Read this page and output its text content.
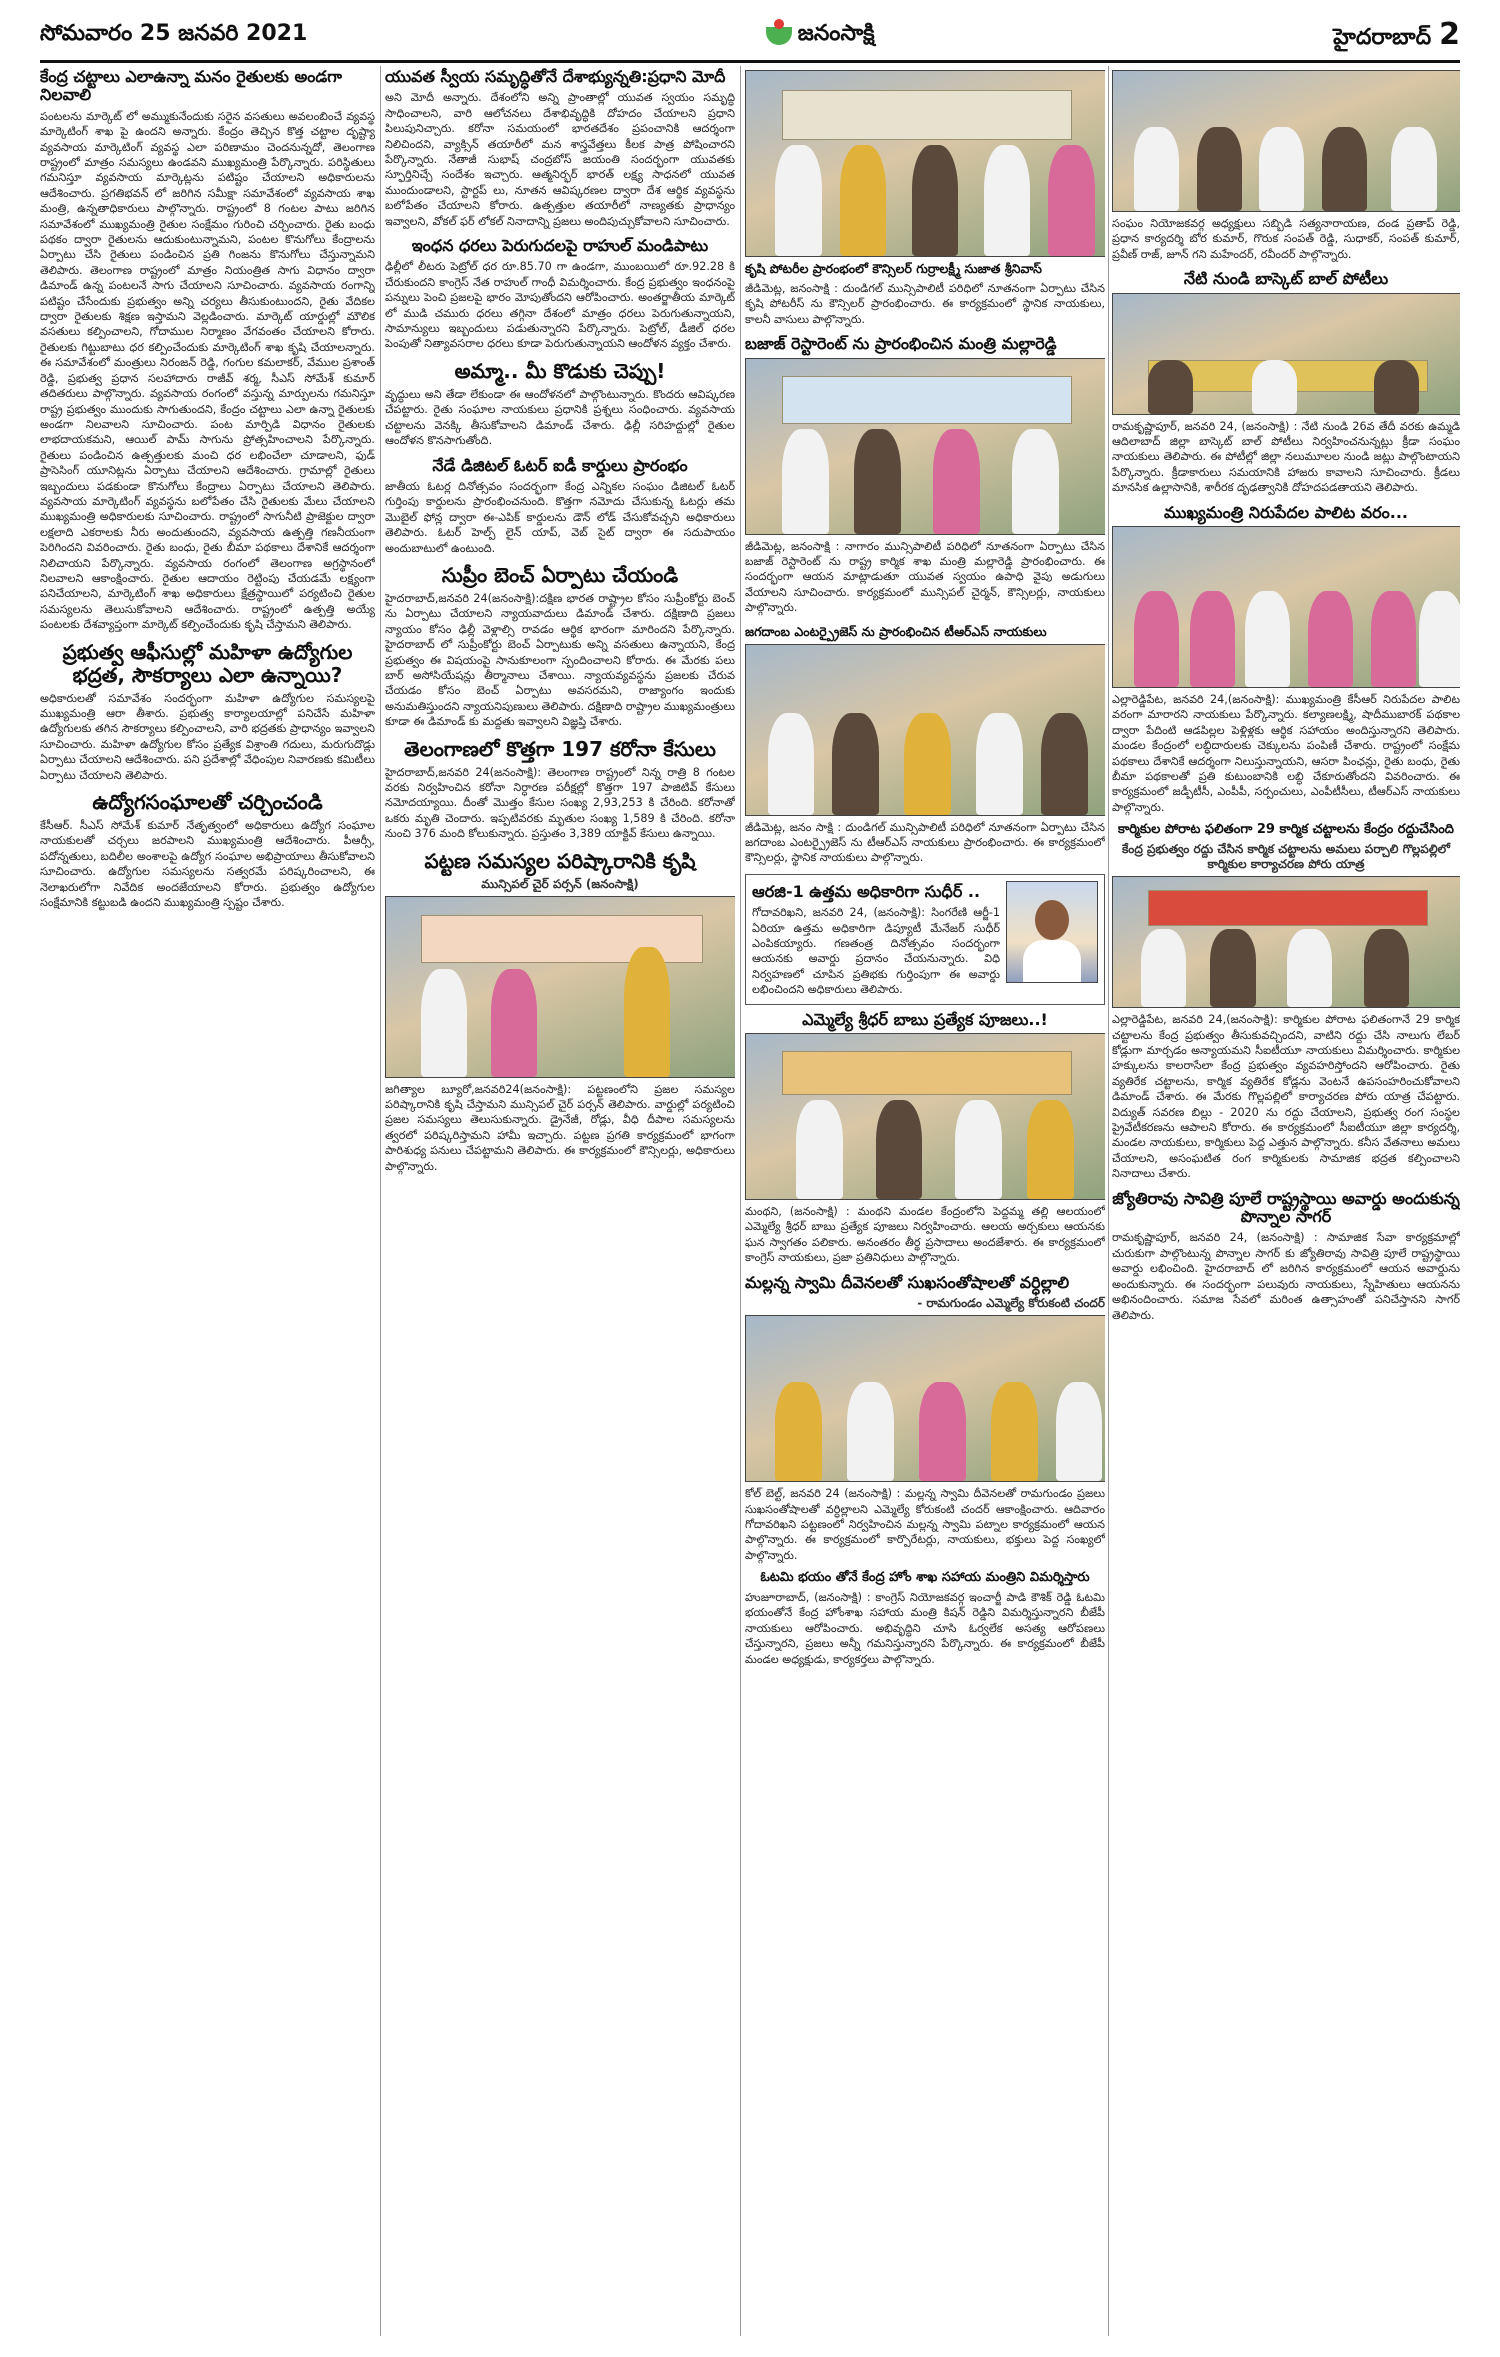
సోమవారం 25 జనవరి 2021	జనంసాక్షి	హైదరాబాద్ 2
కేంద్ర చట్టాలు ఎలాఉన్నా మనం రైతులకు అండగా నిలవాలి

పంటలను మార్కెట్ లో అమ్ముకునేందుకు సరైన వసతులు అవలంబించే వ్యవస్థ మార్కెటింగ్ శాఖ పై ఉందని అన్నారు. కేంద్రం తెచ్చిన కొత్త చట్టాల దృష్ట్యా వ్యవసాయ మార్కెటింగ్ వ్యవస్థ ఎలా పరిణామం చెందనున్నదో, తెలంగాణ రాష్ట్రంలో మాత్రం సమస్యలు ఉండవని ముఖ్యమంత్రి పేర్కొన్నారు. పరిస్థితులు గమనిస్తూ వ్యవసాయ మార్కెట్లను పటిష్టం చేయాలని అధికారులను ఆదేశించారు. ప్రగతిభవన్ లో జరిగిన సమీక్షా సమావేశంలో వ్యవసాయ శాఖ మంత్రి, ఉన్నతాధికారులు పాల్గొన్నారు. రాష్ట్రంలో 8 గంటల పాటు జరిగిన సమావేశంలో ముఖ్యమంత్రి రైతుల సంక్షేమం గురించి చర్చించారు. రైతు బంధు పథకం ద్వారా రైతులను ఆదుకుంటున్నామని, పంటల కొనుగోలు కేంద్రాలను ఏర్పాటు చేసి రైతులు పండించిన ప్రతి గింజను కొనుగోలు చేస్తున్నామని తెలిపారు. తెలంగాణ రాష్ట్రంలో మాత్రం నియంత్రిత సాగు విధానం ద్వారా డిమాండ్ ఉన్న పంటలనే సాగు చేయాలని సూచించారు. వ్యవసాయ రంగాన్ని పటిష్టం చేసేందుకు ప్రభుత్వం అన్ని చర్యలు తీసుకుంటుందని, రైతు వేదికల ద్వారా రైతులకు శిక్షణ ఇస్తామని వెల్లడించారు. మార్కెట్ యార్డుల్లో మౌలిక వసతులు కల్పించాలని, గోదాముల నిర్మాణం వేగవంతం చేయాలని కోరారు. రైతులకు గిట్టుబాటు ధర కల్పించేందుకు మార్కెటింగ్ శాఖ కృషి చేయాలన్నారు. ఈ సమావేశంలో మంత్రులు నిరంజన్ రెడ్డి, గంగుల కమలాకర్, వేముల ప్రశాంత్ రెడ్డి, ప్రభుత్వ ప్రధాన సలహాదారు రాజీవ్ శర్మ, సీఎస్ సోమేశ్ కుమార్ తదితరులు పాల్గొన్నారు. వ్యవసాయ రంగంలో వస్తున్న మార్పులను గమనిస్తూ రాష్ట్ర ప్రభుత్వం ముందుకు సాగుతుందని, కేంద్రం చట్టాలు ఎలా ఉన్నా రైతులకు అండగా నిలవాలని సూచించారు. పంట మార్పిడి విధానం రైతులకు లాభదాయకమని, ఆయిల్ పామ్ సాగును ప్రోత్సహించాలని పేర్కొన్నారు. రైతులు పండించిన ఉత్పత్తులకు మంచి ధర లభించేలా చూడాలని, ఫుడ్ ప్రాసెసింగ్ యూనిట్లను ఏర్పాటు చేయాలని ఆదేశించారు. గ్రామాల్లో రైతులు ఇబ్బందులు పడకుండా కొనుగోలు కేంద్రాలు ఏర్పాటు చేయాలని తెలిపారు. వ్యవసాయ మార్కెటింగ్ వ్యవస్థను బలోపేతం చేసి రైతులకు మేలు చేయాలని ముఖ్యమంత్రి అధికారులకు సూచించారు. రాష్ట్రంలో సాగునీటి ప్రాజెక్టుల ద్వారా లక్షలాది ఎకరాలకు నీరు అందుతుందని, వ్యవసాయ ఉత్పత్తి గణనీయంగా పెరిగిందని వివరించారు. రైతు బంధు, రైతు బీమా పథకాలు దేశానికే ఆదర్శంగా నిలిచాయని పేర్కొన్నారు. వ్యవసాయ రంగంలో తెలంగాణ అగ్రస్థానంలో నిలవాలని ఆకాంక్షించారు. రైతుల ఆదాయం రెట్టింపు చేయడమే లక్ష్యంగా పనిచేయాలని, మార్కెటింగ్ శాఖ అధికారులు క్షేత్రస్థాయిలో పర్యటించి రైతుల సమస్యలను తెలుసుకోవాలని ఆదేశించారు. రాష్ట్రంలో ఉత్పత్తి అయ్యే పంటలకు దేశవ్యాప్తంగా మార్కెట్ కల్పించేందుకు కృషి చేస్తామని తెలిపారు.

ప్రభుత్వ ఆఫీసుల్లో మహిళా ఉద్యోగుల భద్రత, సౌకర్యాలు ఎలా ఉన్నాయి?

అధికారులతో సమావేశం సందర్భంగా మహిళా ఉద్యోగుల సమస్యలపై ముఖ్యమంత్రి ఆరా తీశారు. ప్రభుత్వ కార్యాలయాల్లో పనిచేసే మహిళా ఉద్యోగులకు తగిన సౌకర్యాలు కల్పించాలని, వారి భద్రతకు ప్రాధాన్యం ఇవ్వాలని సూచించారు. మహిళా ఉద్యోగుల కోసం ప్రత్యేక విశ్రాంతి గదులు, మరుగుదొడ్లు ఏర్పాటు చేయాలని ఆదేశించారు. పని ప్రదేశాల్లో వేధింపుల నివారణకు కమిటీలు ఏర్పాటు చేయాలని తెలిపారు.

ఉద్యోగసంఘాలతో చర్చించండి

కేసీఆర్. సీఎస్ సోమేశ్ కుమార్ నేతృత్వంలో అధికారులు ఉద్యోగ సంఘాల నాయకులతో చర్చలు జరపాలని ముఖ్యమంత్రి ఆదేశించారు. పీఆర్సీ, పదోన్నతులు, బదిలీల అంశాలపై ఉద్యోగ సంఘాల అభిప్రాయాలు తీసుకోవాలని సూచించారు. ఉద్యోగుల సమస్యలను సత్వరమే పరిష్కరించాలని, ఈ నెలాఖరులోగా నివేదిక అందజేయాలని కోరారు. ప్రభుత్వం ఉద్యోగుల సంక్షేమానికి కట్టుబడి ఉందని ముఖ్యమంత్రి స్పష్టం చేశారు.

యువత స్వీయ సమృద్ధితోనే దేశాభ్యున్నతి:ప్రధాని మోదీ

అని మోదీ అన్నారు. దేశంలోని అన్ని ప్రాంతాల్లో యువత స్వయం సమృద్ధి సాధించాలని, వారి ఆలోచనలు దేశాభివృద్ధికి దోహదం చేయాలని ప్రధాని పిలుపునిచ్చారు. కరోనా సమయంలో భారతదేశం ప్రపంచానికి ఆదర్శంగా నిలిచిందని, వ్యాక్సిన్ తయారీలో మన శాస్త్రవేత్తలు కీలక పాత్ర పోషించారని పేర్కొన్నారు. నేతాజీ సుభాష్ చంద్రబోస్ జయంతి సందర్భంగా యువతకు స్ఫూర్తినిచ్చే సందేశం ఇచ్చారు. ఆత్మనిర్భర్ భారత్ లక్ష్య సాధనలో యువత ముందుండాలని, స్టార్టప్ లు, నూతన ఆవిష్కరణల ద్వారా దేశ ఆర్థిక వ్యవస్థను బలోపేతం చేయాలని కోరారు. ఉత్పత్తుల తయారీలో నాణ్యతకు ప్రాధాన్యం ఇవ్వాలని, వోకల్ ఫర్ లోకల్ నినాదాన్ని ప్రజలు అందిపుచ్చుకోవాలని సూచించారు.

ఇంధన ధరలు పెరుగుదలపై రాహుల్ మండిపాటు

ఢిల్లీలో లీటరు పెట్రోల్ ధర రూ.85.70 గా ఉండగా, ముంబయిలో రూ.92.28 కి చేరుకుందని కాంగ్రెస్ నేత రాహుల్ గాంధీ విమర్శించారు. కేంద్ర ప్రభుత్వం ఇంధనంపై పన్నులు పెంచి ప్రజలపై భారం మోపుతోందని ఆరోపించారు. అంతర్జాతీయ మార్కెట్ లో ముడి చమురు ధరలు తగ్గినా దేశంలో మాత్రం ధరలు పెరుగుతున్నాయని, సామాన్యులు ఇబ్బందులు పడుతున్నారని పేర్కొన్నారు. పెట్రోల్, డీజిల్ ధరల పెంపుతో నిత్యావసరాల ధరలు కూడా పెరుగుతున్నాయని ఆందోళన వ్యక్తం చేశారు.

అమ్మా.. మీ కొడుకు చెప్పు!

వృద్ధులు అని తేడా లేకుండా ఈ ఆందోళనలో పాల్గొంటున్నారు. కొందరు ఆవిష్కరణ చేపట్టారు. రైతు సంఘాల నాయకులు ప్రధానికి ప్రశ్నలు సంధించారు. వ్యవసాయ చట్టాలను వెనక్కి తీసుకోవాలని డిమాండ్ చేశారు. ఢిల్లీ సరిహద్దుల్లో రైతుల ఆందోళన కొనసాగుతోంది.

నేడే డిజిటల్ ఓటర్ ఐడీ కార్డులు ప్రారంభం

జాతీయ ఓటర్ల దినోత్సవం సందర్భంగా కేంద్ర ఎన్నికల సంఘం డిజిటల్ ఓటర్ గుర్తింపు కార్డులను ప్రారంభించనుంది. కొత్తగా నమోదు చేసుకున్న ఓటర్లు తమ మొబైల్ ఫోన్ల ద్వారా ఈ-ఎపిక్ కార్డులను డౌన్ లోడ్ చేసుకోవచ్చని అధికారులు తెలిపారు. ఓటర్ హెల్ప్ లైన్ యాప్, వెబ్ సైట్ ద్వారా ఈ సదుపాయం అందుబాటులో ఉంటుంది.

సుప్రీం బెంచ్ ఏర్పాటు చేయండి

హైదరాబాద్,జనవరి 24(జనంసాక్షి):దక్షిణ భారత రాష్ట్రాల కోసం సుప్రీంకోర్టు బెంచ్ ను ఏర్పాటు చేయాలని న్యాయవాదులు డిమాండ్ చేశారు. దక్షిణాది ప్రజలు న్యాయం కోసం ఢిల్లీ వెళ్లాల్సి రావడం ఆర్థిక భారంగా మారిందని పేర్కొన్నారు. హైదరాబాద్ లో సుప్రీంకోర్టు బెంచ్ ఏర్పాటుకు అన్ని వసతులు ఉన్నాయని, కేంద్ర ప్రభుత్వం ఈ విషయంపై సానుకూలంగా స్పందించాలని కోరారు. ఈ మేరకు పలు బార్ అసోసియేషన్లు తీర్మానాలు చేశాయి. న్యాయవ్యవస్థను ప్రజలకు చేరువ చేయడం కోసం బెంచ్ ఏర్పాటు అవసరమని, రాజ్యాంగం ఇందుకు అనుమతిస్తుందని న్యాయనిపుణులు తెలిపారు. దక్షిణాది రాష్ట్రాల ముఖ్యమంత్రులు కూడా ఈ డిమాండ్ కు మద్దతు ఇవ్వాలని విజ్ఞప్తి చేశారు.

తెలంగాణలో కొత్తగా 197 కరోనా కేసులు

హైదరాబాద్,జనవరి 24(జనంసాక్షి): తెలంగాణ రాష్ట్రంలో నిన్న రాత్రి 8 గంటల వరకు నిర్వహించిన కరోనా నిర్ధారణ పరీక్షల్లో కొత్తగా 197 పాజిటివ్ కేసులు నమోదయ్యాయి. దీంతో మొత్తం కేసుల సంఖ్య 2,93,253 కి చేరింది. కరోనాతో ఒకరు మృతి చెందారు. ఇప్పటివరకు మృతుల సంఖ్య 1,589 కి చేరింది. కరోనా నుంచి 376 మంది కోలుకున్నారు. ప్రస్తుతం 3,389 యాక్టివ్ కేసులు ఉన్నాయి.

పట్టణ సమస్యల పరిష్కారానికి కృషి
మున్సిపల్ చైర్ పర్సన్ (జనంసాక్షి)

జగిత్యాల బ్యూరో,జనవరి24(జనంసాక్షి): పట్టణంలోని ప్రజల సమస్యల పరిష్కారానికి కృషి చేస్తామని మున్సిపల్ చైర్ పర్సన్ తెలిపారు. వార్డుల్లో పర్యటించి ప్రజల సమస్యలు తెలుసుకున్నారు. డ్రైనేజీ, రోడ్లు, వీధి దీపాల సమస్యలను త్వరలో పరిష్కరిస్తామని హామీ ఇచ్చారు. పట్టణ ప్రగతి కార్యక్రమంలో భాగంగా పారిశుధ్య పనులు చేపట్టామని తెలిపారు. ఈ కార్యక్రమంలో కౌన్సిలర్లు, అధికారులు పాల్గొన్నారు.

కృషి పోటరీల ప్రారంభంలో కౌన్సిలర్ గుర్రాలక్ష్మీ సుజాత శ్రీనివాస్

జీడిమెట్ల, జనంసాక్షి : దుండిగల్ మున్సిపాలిటీ పరిధిలో నూతనంగా ఏర్పాటు చేసిన కృషి పోటరీస్ ను కౌన్సిలర్ ప్రారంభించారు. ఈ కార్యక్రమంలో స్థానిక నాయకులు, కాలనీ వాసులు పాల్గొన్నారు.

బజాజ్ రెస్టారెంట్ ను ప్రారంభించిన మంత్రి మల్లారెడ్డి

జీడిమెట్ల, జనంసాక్షి : నాగారం మున్సిపాలిటీ పరిధిలో నూతనంగా ఏర్పాటు చేసిన బజాజ్ రెస్టారెంట్ ను రాష్ట్ర కార్మిక శాఖ మంత్రి మల్లారెడ్డి ప్రారంభించారు. ఈ సందర్భంగా ఆయన మాట్లాడుతూ యువత స్వయం ఉపాధి వైపు అడుగులు వేయాలని సూచించారు. కార్యక్రమంలో మున్సిపల్ చైర్మన్, కౌన్సిలర్లు, నాయకులు పాల్గొన్నారు.

జగదాంబ ఎంటర్ప్రైజెస్ ను ప్రారంభించిన టీఆర్ఎస్ నాయకులు

జీడిమెట్ల, జనం సాక్షి : దుండిగల్ మున్సిపాలిటీ పరిధిలో నూతనంగా ఏర్పాటు చేసిన జగదాంబ ఎంటర్ప్రైజెస్ ను టీఆర్ఎస్ నాయకులు ప్రారంభించారు. ఈ కార్యక్రమంలో కౌన్సిలర్లు, స్థానిక నాయకులు పాల్గొన్నారు.

ఆరజి-1 ఉత్తమ అధికారిగా సుధీర్ ..

గోదావరిఖని, జనవరి 24, (జనంసాక్షి): సింగరేణి ఆర్జీ-1 ఏరియా ఉత్తమ అధికారిగా డిప్యూటీ మేనేజర్ సుధీర్ ఎంపికయ్యారు. గణతంత్ర దినోత్సవం సందర్భంగా ఆయనకు అవార్డు ప్రదానం చేయనున్నారు. విధి నిర్వహణలో చూపిన ప్రతిభకు గుర్తింపుగా ఈ అవార్డు లభించిందని అధికారులు తెలిపారు.

ఎమ్మెల్యే శ్రీధర్ బాబు ప్రత్యేక పూజలు..!

మంథని, (జనంసాక్షి) : మంథని మండల కేంద్రంలోని పెద్దమ్మ తల్లి ఆలయంలో ఎమ్మెల్యే శ్రీధర్ బాబు ప్రత్యేక పూజలు నిర్వహించారు. ఆలయ అర్చకులు ఆయనకు ఘన స్వాగతం పలికారు. అనంతరం తీర్థ ప్రసాదాలు అందజేశారు. ఈ కార్యక్రమంలో కాంగ్రెస్ నాయకులు, ప్రజా ప్రతినిధులు పాల్గొన్నారు.

మల్లన్న స్వామి దీవెనలతో సుఖసంతోషాలతో వర్ధిల్లాలి
- రామగుండం ఎమ్మెల్యే కోరుకంటి చందర్

కోల్ బెల్ట్, జనవరి 24 (జనంసాక్షి) : మల్లన్న స్వామి దీవెనలతో రామగుండం ప్రజలు సుఖసంతోషాలతో వర్ధిల్లాలని ఎమ్మెల్యే కోరుకంటి చందర్ ఆకాంక్షించారు. ఆదివారం గోదావరిఖని పట్టణంలో నిర్వహించిన మల్లన్న స్వామి పట్నాల కార్యక్రమంలో ఆయన పాల్గొన్నారు. ఈ కార్యక్రమంలో కార్పొరేటర్లు, నాయకులు, భక్తులు పెద్ద సంఖ్యలో పాల్గొన్నారు.

ఓటమి భయం తోనే కేంద్ర హోం శాఖ సహాయ మంత్రిని విమర్శిస్తారు

హుజూరాబాద్, (జనంసాక్షి) : కాంగ్రెస్ నియోజకవర్గ ఇంచార్జీ పాడి కౌశిక్ రెడ్డి ఓటమి భయంతోనే కేంద్ర హోంశాఖ సహాయ మంత్రి కిషన్ రెడ్డిని విమర్శిస్తున్నారని బీజేపీ నాయకులు ఆరోపించారు. అభివృద్ధిని చూసి ఓర్వలేక అసత్య ఆరోపణలు చేస్తున్నారని, ప్రజలు అన్నీ గమనిస్తున్నారని పేర్కొన్నారు. ఈ కార్యక్రమంలో బీజేపీ మండల అధ్యక్షుడు, కార్యకర్తలు పాల్గొన్నారు.

సంఘం నియోజకవర్గ అధ్యక్షులు సబ్బిడి సత్యనారాయణ, దండ ప్రతాప్ రెడ్డి, ప్రధాన కార్యదర్శి బోర కుమార్, గొరుక సంపత్ రెడ్డి, సుధాకర్, సంపత్ కుమార్, ప్రవీణ్ రాజ్, జూన్ గని మహేందర్, రవీందర్ పాల్గొన్నారు.

నేటి నుండి బాస్కెట్ బాల్ పోటీలు

రామకృష్ణాపూర్, జనవరి 24, (జనంసాక్షి) : నేటి నుండి 26వ తేదీ వరకు ఉమ్మడి ఆదిలాబాద్ జిల్లా బాస్కెట్ బాల్ పోటీలు నిర్వహించనున్నట్లు క్రీడా సంఘం నాయకులు తెలిపారు. ఈ పోటీల్లో జిల్లా నలుమూలల నుండి జట్లు పాల్గొంటాయని పేర్కొన్నారు. క్రీడాకారులు సమయానికి హాజరు కావాలని సూచించారు. క్రీడలు మానసిక ఉల్లాసానికి, శారీరక దృఢత్వానికి దోహదపడతాయని తెలిపారు.

ముఖ్యమంత్రి నిరుపేదల పాలిట వరం...

ఎల్లారెడ్డిపేట, జనవరి 24,(జనంసాక్షి): ముఖ్యమంత్రి కేసీఆర్ నిరుపేదల పాలిట వరంగా మారారని నాయకులు పేర్కొన్నారు. కల్యాణలక్ష్మి, షాదీముబారక్ పథకాల ద్వారా పేదింటి ఆడపిల్లల పెళ్లిళ్లకు ఆర్థిక సహాయం అందిస్తున్నారని తెలిపారు. మండల కేంద్రంలో లబ్ధిదారులకు చెక్కులను పంపిణీ చేశారు. రాష్ట్రంలో సంక్షేమ పథకాలు దేశానికే ఆదర్శంగా నిలుస్తున్నాయని, ఆసరా పింఛన్లు, రైతు బంధు, రైతు బీమా పథకాలతో ప్రతి కుటుంబానికి లబ్ధి చేకూరుతోందని వివరించారు. ఈ కార్యక్రమంలో జడ్పీటీసీ, ఎంపీపీ, సర్పంచులు, ఎంపీటీసీలు, టీఆర్ఎస్ నాయకులు పాల్గొన్నారు.

కార్మికుల పోరాట ఫలితంగా 29 కార్మిక చట్టాలను కేంద్రం రద్దుచేసింది
కేంద్ర ప్రభుత్వం రద్దు చేసిన కార్మిక చట్టాలను అమలు పర్చాలి గొల్లపల్లిలో కార్మికుల కార్యాచరణ పోరు యాత్ర

ఎల్లారెడ్డిపేట, జనవరి 24,(జనంసాక్షి): కార్మికుల పోరాట ఫలితంగానే 29 కార్మిక చట్టాలను కేంద్ర ప్రభుత్వం తీసుకువచ్చిందని, వాటిని రద్దు చేసి నాలుగు లేబర్ కోడ్లుగా మార్చడం అన్యాయమని సీఐటీయూ నాయకులు విమర్శించారు. కార్మికుల హక్కులను కాలరాసేలా కేంద్ర ప్రభుత్వం వ్యవహరిస్తోందని ఆరోపించారు. రైతు వ్యతిరేక చట్టాలను, కార్మిక వ్యతిరేక కోడ్లను వెంటనే ఉపసంహరించుకోవాలని డిమాండ్ చేశారు. ఈ మేరకు గొల్లపల్లిలో కార్యాచరణ పోరు యాత్ర చేపట్టారు. విద్యుత్ సవరణ బిల్లు - 2020 ను రద్దు చేయాలని, ప్రభుత్వ రంగ సంస్థల ప్రైవేటీకరణను ఆపాలని కోరారు. ఈ కార్యక్రమంలో సీఐటీయూ జిల్లా కార్యదర్శి, మండల నాయకులు, కార్మికులు పెద్ద ఎత్తున పాల్గొన్నారు. కనీస వేతనాలు అమలు చేయాలని, అసంఘటిత రంగ కార్మికులకు సామాజిక భద్రత కల్పించాలని నినాదాలు చేశారు.

జ్యోతిరావు సావిత్రి పూలే రాష్ట్రస్థాయి అవార్డు అందుకున్న పొన్నాల సాగర్

రామకృష్ణాపూర్, జనవరి 24, (జనంసాక్షి) : సామాజిక సేవా కార్యక్రమాల్లో చురుకుగా పాల్గొంటున్న పొన్నాల సాగర్ కు జ్యోతిరావు సావిత్రి పూలే రాష్ట్రస్థాయి అవార్డు లభించింది. హైదరాబాద్ లో జరిగిన కార్యక్రమంలో ఆయన అవార్డును అందుకున్నారు. ఈ సందర్భంగా పలువురు నాయకులు, స్నేహితులు ఆయనను అభినందించారు. సమాజ సేవలో మరింత ఉత్సాహంతో పనిచేస్తానని సాగర్ తెలిపారు.
